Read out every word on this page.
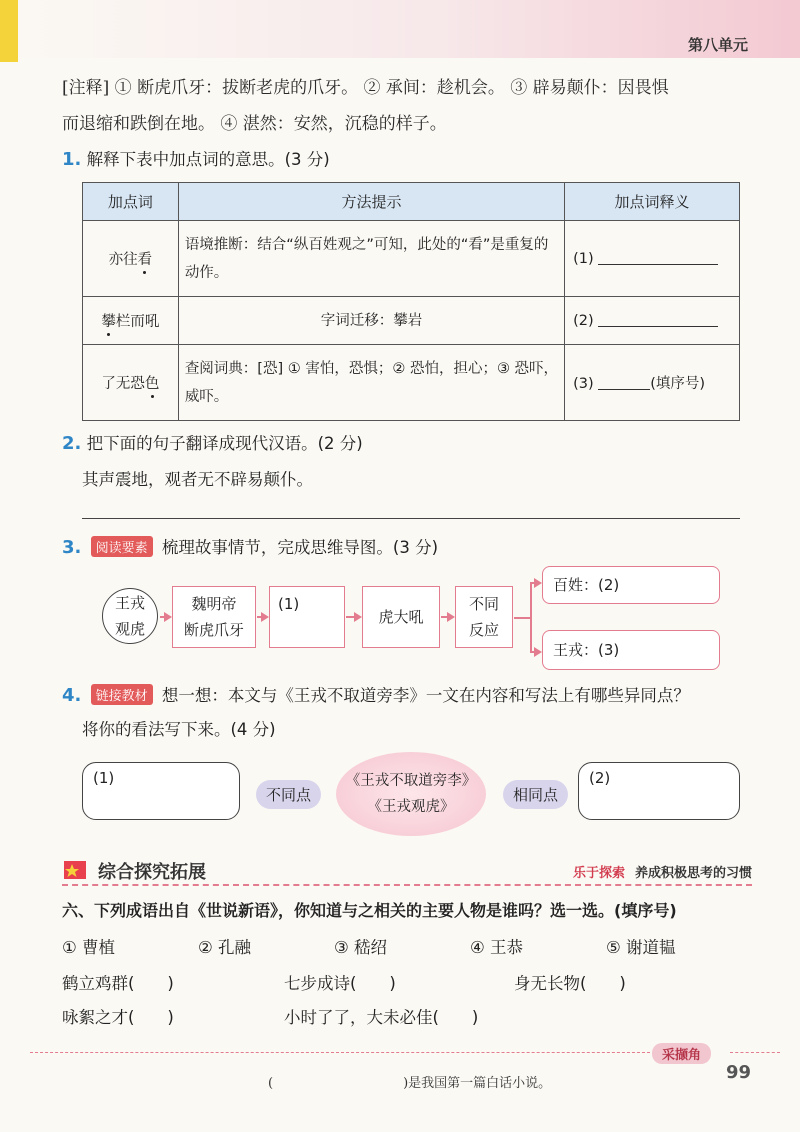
第八单元
[注释] ① 断虎爪牙：拔断老虎的爪牙。 ② 承间：趁机会。 ③ 辟易颠仆：因畏惧
而退缩和跌倒在地。 ④ 湛然：安然，沉稳的样子。
1. 解释下表中加点词的意思。(3 分)
加点词	方法提示	加点词释义
亦往看	语境推断：结合“纵百姓观之”可知，此处的“看”是重复的动作。	(1)
攀栏而吼	字词迁移：攀岩	(2)
了无恐色	查阅词典：[恐] ① 害怕，恐惧；② 恐怕，担心；③ 恐吓，威吓。	(3) (填序号)
2. 把下面的句子翻译成现代汉语。(2 分)
其声震地，观者无不辟易颠仆。
3. 阅读要素 梳理故事情节，完成思维导图。(3 分)
王戎
观虎
魏明帝
断虎爪牙
(1)
虎大吼
不同
反应
百姓：(2)
王戎：(3)
4. 链接教材 想一想：本文与《王戎不取道旁李》一文在内容和写法上有哪些异同点？
将你的看法写下来。(4 分)
(1)
不同点
《王戎不取道旁李》
《王戎观虎》
相同点
(2)
综合探究拓展	乐于探索 养成积极思考的习惯
六、下列成语出自《世说新语》，你知道与之相关的主要人物是谁吗？选一选。(填序号)
① 曹植	② 孔融	③ 嵇绍	④ 王恭	⑤ 谢道韫
鹤立鸡群(　　)	七步成诗(　　)	身无长物(　　)
咏絮之才(　　)	小时了了，大未必佳(　　)
采撷角
(　　　　　　　　　　)是我国第一篇白话小说。
99
